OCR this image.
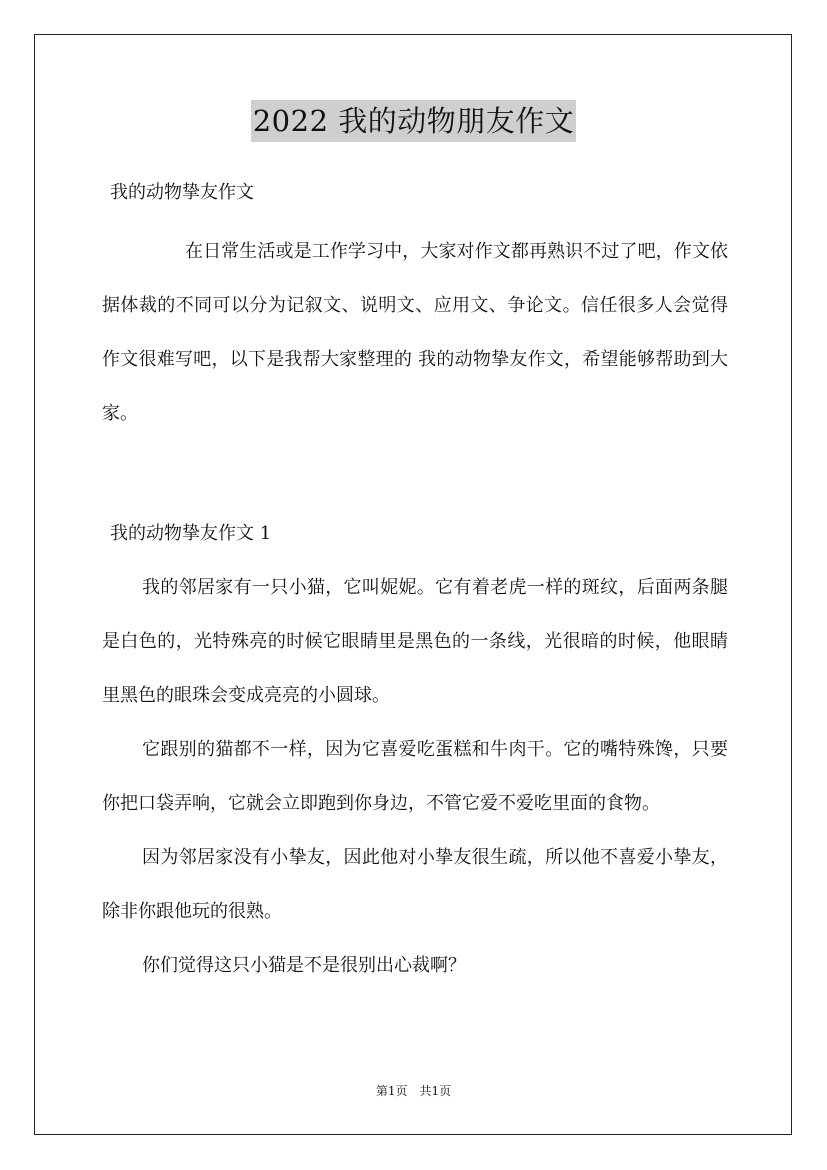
2022 我的动物朋友作文

我的动物挚友作文

在日常生活或是工作学习中，大家对作文都再熟识不过了吧，作文依据体裁的不同可以分为记叙文、说明文、应用文、争论文。信任很多人会觉得作文很难写吧，以下是我帮大家整理的 我的动物挚友作文，希望能够帮助到大家。

我的动物挚友作文 1

我的邻居家有一只小猫，它叫妮妮。它有着老虎一样的斑纹，后面两条腿是白色的，光特殊亮的时候它眼睛里是黑色的一条线，光很暗的时候，他眼睛里黑色的眼珠会变成亮亮的小圆球。

它跟别的猫都不一样，因为它喜爱吃蛋糕和牛肉干。它的嘴特殊馋，只要你把口袋弄响，它就会立即跑到你身边，不管它爱不爱吃里面的食物。

因为邻居家没有小挚友，因此他对小挚友很生疏，所以他不喜爱小挚友，除非你跟他玩的很熟。

你们觉得这只小猫是不是很别出心裁啊？

第1页 共1页
